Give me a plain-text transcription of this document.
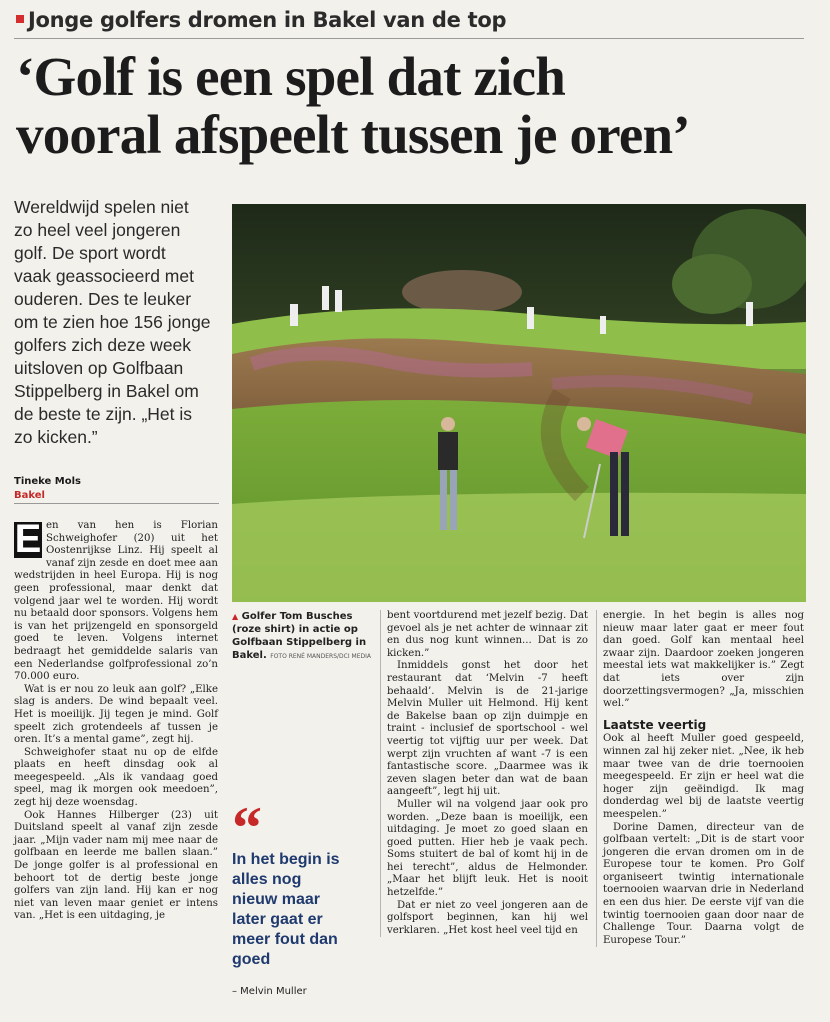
Jonge golfers dromen in Bakel van de top
‘Golf is een spel dat zich
vooral afspeelt tussen je oren’
Wereldwijd spelen niet
zo heel veel jongeren
golf. De sport wordt
vaak geassocieerd met
ouderen. Des te leuker
om te zien hoe 156 jonge
golfers zich deze week
uitsloven op Golfbaan
Stippelberg in Bakel om
de beste te zijn. „Het is
zo kicken.”
Tineke Mols
Bakel
▲ Golfer Tom Busches (roze shirt) in actie op Golfbaan Stippelberg in Bakel. FOTO RENÉ MANDERS/DCI MEDIA

E en van hen is Florian Schweighofer (20) uit het Oostenrijkse Linz. Hij speelt al vanaf zijn zesde en doet mee aan wedstrijden in heel Europa. Hij is nog geen professional, maar denkt dat volgend jaar wel te worden. Hij wordt nu betaald door sponsors. Volgens hem is van het prijzengeld en sponsorgeld goed te leven. Volgens internet bedraagt het gemiddelde salaris van een Nederlandse golfprofessional zo’n 70.000 euro.

Wat is er nou zo leuk aan golf? „Elke slag is anders. De wind bepaalt veel. Het is moeilijk. Jij tegen je mind. Golf speelt zich grotendeels af tussen je oren. It’s a mental game”, zegt hij.

Schweighofer staat nu op de elfde plaats en heeft dinsdag ook al meegespeeld. „Als ik vandaag goed speel, mag ik morgen ook meedoen”, zegt hij deze woensdag.

Ook Hannes Hilberger (23) uit Duitsland speelt al vanaf zijn zesde jaar. „Mijn vader nam mij mee naar de golfbaan en leerde me ballen slaan.” De jonge golfer is al professional en behoort tot de dertig beste jonge golfers van zijn land. Hij kan er nog niet van leven maar geniet er intens van. „Het is een uitdaging, je

“
In het begin is
alles nog
nieuw maar
later gaat er
meer fout dan
goed
– Melvin Muller

bent voortdurend met jezelf bezig. Dat gevoel als je net achter de winnaar zit en dus nog kunt winnen... Dat is zo kicken.”

Inmiddels gonst het door het restaurant dat ‘Melvin -7 heeft behaald’. Melvin is de 21-jarige Melvin Muller uit Helmond. Hij kent de Bakelse baan op zijn duimpje en traint - inclusief de sportschool - wel veertig tot vijftig uur per week. Dat werpt zijn vruchten af want -7 is een fantastische score. „Daarmee was ik zeven slagen beter dan wat de baan aangeeft”, legt hij uit.

Muller wil na volgend jaar ook pro worden. „Deze baan is moeilijk, een uitdaging. Je moet zo goed slaan en goed putten. Hier heb je vaak pech. Soms stuitert de bal of komt hij in de hei terecht”, aldus de Helmonder. „Maar het blijft leuk. Het is nooit hetzelfde.”

Dat er niet zo veel jongeren aan de golfsport beginnen, kan hij wel verklaren. „Het kost heel veel tijd en

energie. In het begin is alles nog nieuw maar later gaat er meer fout dan goed. Golf kan mentaal heel zwaar zijn. Daardoor zoeken jongeren meestal iets wat makkelijker is.” Zegt dat iets over zijn doorzettingsvermogen? „Ja, misschien wel.”

Laatste veertig

Ook al heeft Muller goed gespeeld, winnen zal hij zeker niet. „Nee, ik heb maar twee van de drie toernooien meegespeeld. Er zijn er heel wat die hoger zijn geëindigd. Ik mag donderdag wel bij de laatste veertig meespelen.”

Dorine Damen, directeur van de golfbaan vertelt: „Dit is de start voor jongeren die ervan dromen om in de Europese tour te komen. Pro Golf organiseert twintig internationale toernooien waarvan drie in Nederland en een dus hier. De eerste vijf van die twintig toernooien gaan door naar de Challenge Tour. Daarna volgt de Europese Tour.”
